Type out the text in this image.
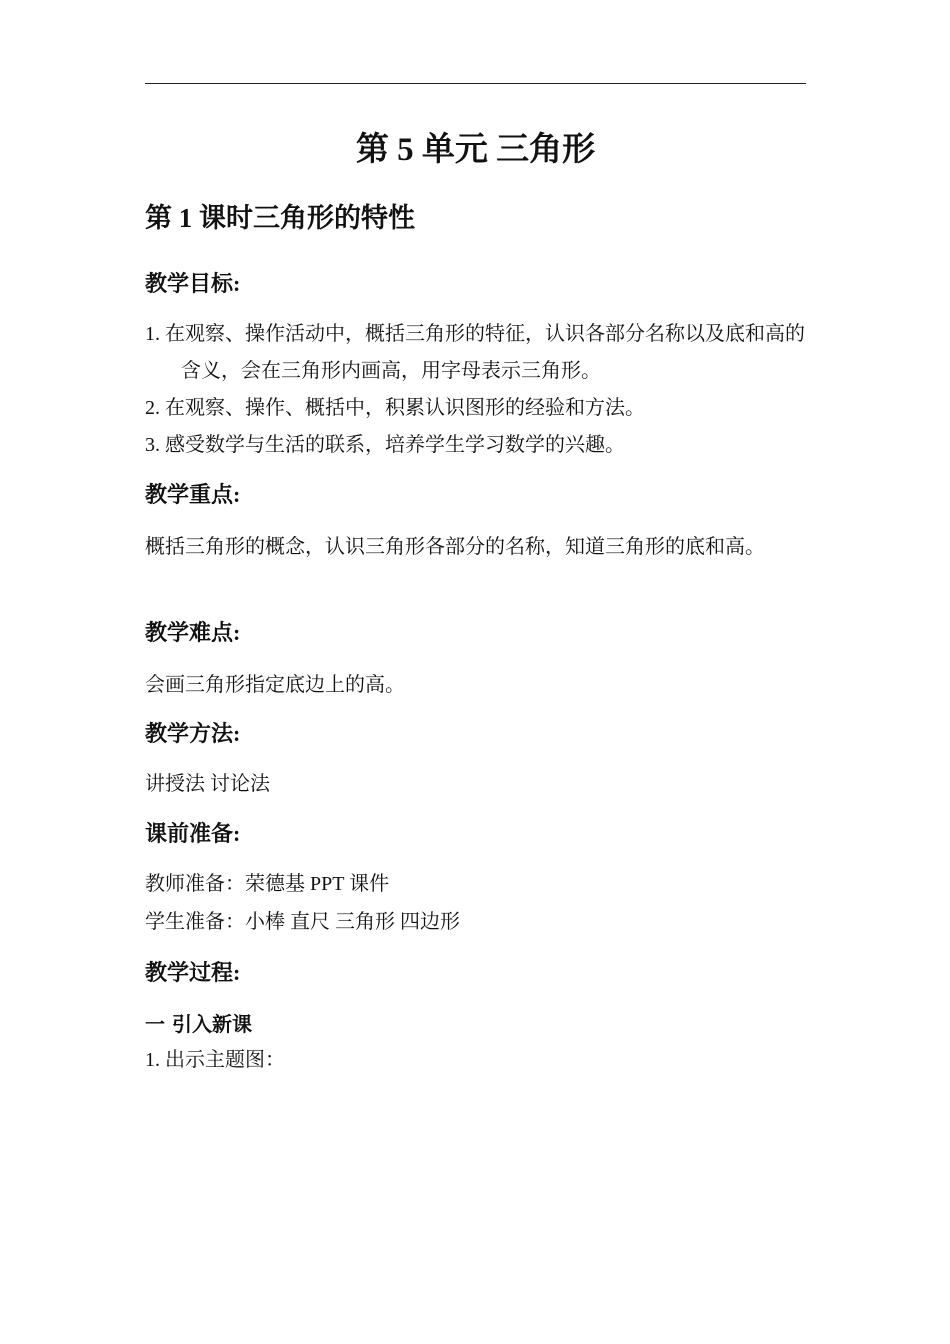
第 5 单元 三角形
第 1 课时三角形的特性
教学目标:

1. 在观察、操作活动中，概括三角形的特征，认识各部分名称以及底和高的含义，会在三角形内画高，用字母表示三角形。

2. 在观察、操作、概括中，积累认识图形的经验和方法。

3. 感受数学与生活的联系，培养学生学习数学的兴趣。

教学重点:

概括三角形的概念，认识三角形各部分的名称，知道三角形的底和高。

教学难点:

会画三角形指定底边上的高。

教学方法:

讲授法 讨论法

课前准备:

教师准备：荣德基 PPT 课件

学生准备：小棒 直尺 三角形 四边形

教学过程:
一 引入新课

1. 出示主题图：
